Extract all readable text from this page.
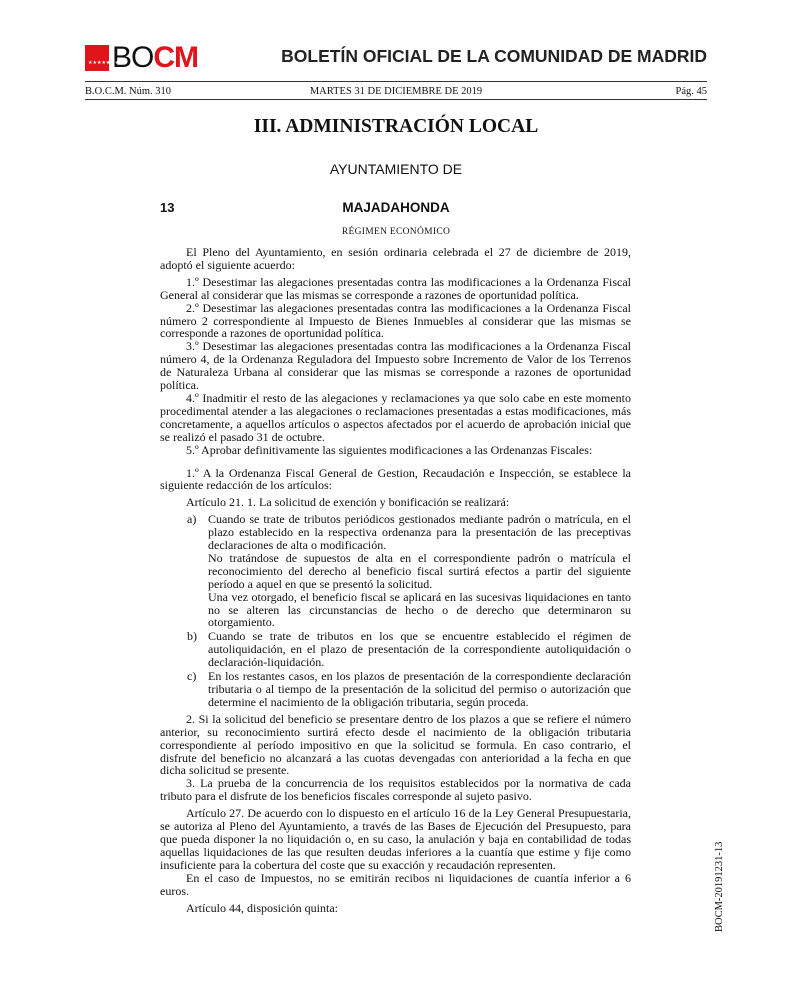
★★★★★★★
BOCM	BOLETÍN OFICIAL DE LA COMUNIDAD DE MADRID
B.O.C.M. Núm. 310	MARTES 31 DE DICIEMBRE DE 2019	Pág. 45
III. ADMINISTRACIÓN LOCAL
AYUNTAMIENTO DE
13	MAJADAHONDA
RÉGIMEN ECONÓMICO

El Pleno del Ayuntamiento, en sesión ordinaria celebrada el 27 de diciembre de 2019, adoptó el siguiente acuerdo:

1.º Desestimar las alegaciones presentadas contra las modificaciones a la Ordenanza Fiscal General al considerar que las mismas se corresponde a razones de oportunidad política.

2.º Desestimar las alegaciones presentadas contra las modificaciones a la Ordenanza Fiscal número 2 correspondiente al Impuesto de Bienes Inmuebles al considerar que las mismas se corresponde a razones de oportunidad política.

3.º Desestimar las alegaciones presentadas contra las modificaciones a la Ordenanza Fiscal número 4, de la Ordenanza Reguladora del Impuesto sobre Incremento de Valor de los Terrenos de Naturaleza Urbana al considerar que las mismas se corresponde a razones de oportunidad política.

4.º Inadmitir el resto de las alegaciones y reclamaciones ya que solo cabe en este momento procedimental atender a las alegaciones o reclamaciones presentadas a estas modificaciones, más concretamente, a aquellos artículos o aspectos afectados por el acuerdo de aprobación inicial que se realizó el pasado 31 de octubre.

5.º Aprobar definitivamente las siguientes modificaciones a las Ordenanzas Fiscales:

1.º A la Ordenanza Fiscal General de Gestion, Recaudación e Inspección, se establece la siguiente redacción de los artículos:

Artículo 21. 1. La solicitud de exención y bonificación se realizará:

a) Cuando se trate de tributos periódicos gestionados mediante padrón o matrícula, en el plazo establecido en la respectiva ordenanza para la presentación de las preceptivas declaraciones de alta o modificación.

No tratándose de supuestos de alta en el correspondiente padrón o matrícula el reconocimiento del derecho al beneficio fiscal surtirá efectos a partir del siguiente período a aquel en que se presentó la solicitud.

Una vez otorgado, el beneficio fiscal se aplicará en las sucesivas liquidaciones en tanto no se alteren las circunstancias de hecho o de derecho que determinaron su otorgamiento.

b) Cuando se trate de tributos en los que se encuentre establecido el régimen de autoliquidación, en el plazo de presentación de la correspondiente autoliquidación o declaración-liquidación.

c) En los restantes casos, en los plazos de presentación de la correspondiente declaración tributaria o al tiempo de la presentación de la solicitud del permiso o autorización que determine el nacimiento de la obligación tributaria, según proceda.

2. Si la solicitud del beneficio se presentare dentro de los plazos a que se refiere el número anterior, su reconocimiento surtirá efecto desde el nacimiento de la obligación tributaria correspondiente al período impositivo en que la solicitud se formula. En caso contrario, el disfrute del beneficio no alcanzará a las cuotas devengadas con anterioridad a la fecha en que dicha solicitud se presente.

3. La prueba de la concurrencia de los requisitos establecidos por la normativa de cada tributo para el disfrute de los beneficios fiscales corresponde al sujeto pasivo.

Artículo 27. De acuerdo con lo dispuesto en el artículo 16 de la Ley General Presupuestaria, se autoriza al Pleno del Ayuntamiento, a través de las Bases de Ejecución del Presupuesto, para que pueda disponer la no liquidación o, en su caso, la anulación y baja en contabilidad de todas aquellas liquidaciones de las que resulten deudas inferiores a la cuantía que estime y fije como insuficiente para la cobertura del coste que su exacción y recaudación representen.

En el caso de Impuestos, no se emitirán recibos ni liquidaciones de cuantía inferior a 6 euros.

Artículo 44, disposición quinta:	BOCM-20191231-13
